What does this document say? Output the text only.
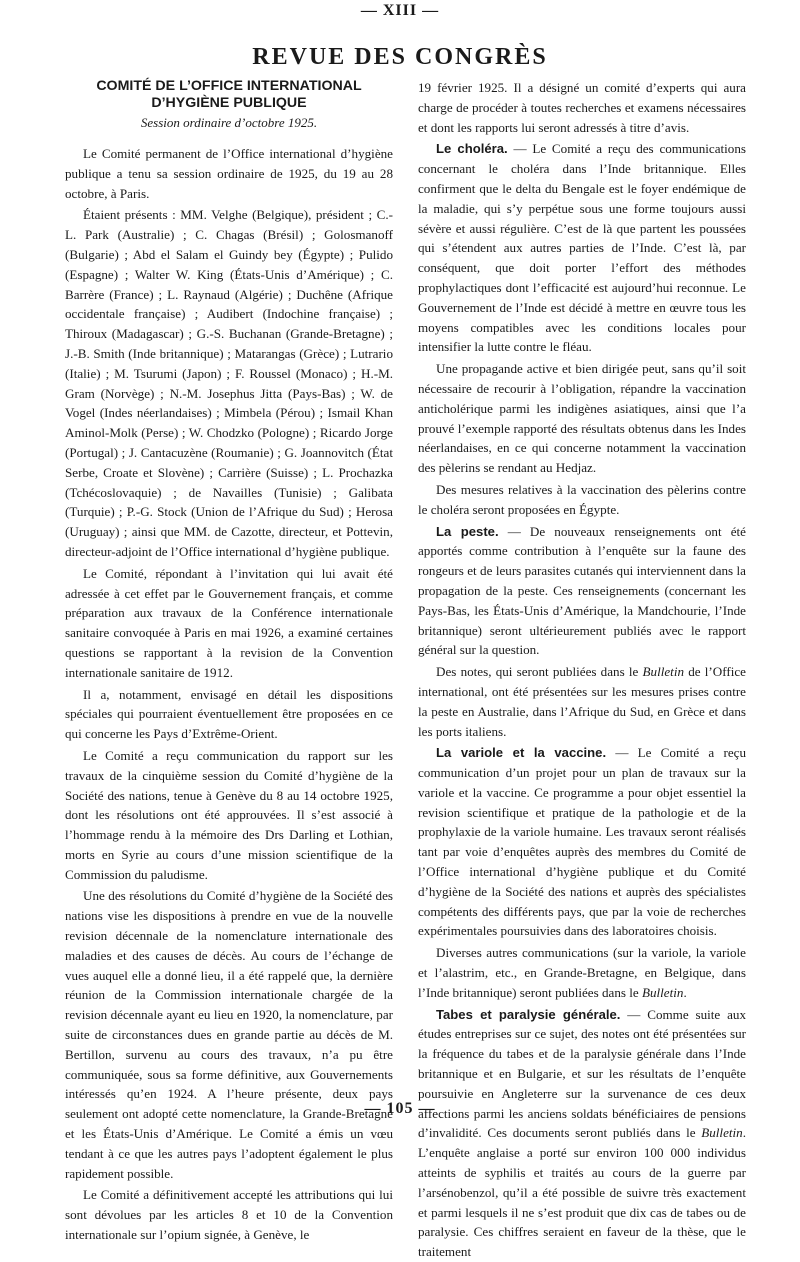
— XIII —
REVUE DES CONGRÈS
COMITÉ DE L’OFFICE INTERNATIONAL
D’HYGIÈNE PUBLIQUE
Session ordinaire d’octobre 1925.

Le Comité permanent de l’Office international d’hygiène publique a tenu sa session ordinaire de 1925, du 19 au 28 octobre, à Paris.

Étaient présents : MM. Velghe (Belgique), président ; C.-L. Park (Australie) ; C. Chagas (Brésil) ; Golosmanoff (Bulgarie) ; Abd el Salam el Guindy bey (Égypte) ; Pulido (Espagne) ; Walter W. King (États-Unis d’Amérique) ; C. Barrère (France) ; L. Raynaud (Algérie) ; Duchêne (Afrique occidentale française) ; Audibert (Indochine française) ; Thiroux (Madagascar) ; G.-S. Buchanan (Grande-Bretagne) ; J.-B. Smith (Inde britannique) ; Matarangas (Grèce) ; Lutrario (Italie) ; M. Tsurumi (Japon) ; F. Roussel (Monaco) ; H.-M. Gram (Norvège) ; N.-M. Josephus Jitta (Pays-Bas) ; W. de Vogel (Indes néerlandaises) ; Mimbela (Pérou) ; Ismail Khan Aminol-Molk (Perse) ; W. Chodzko (Pologne) ; Ricardo Jorge (Portugal) ; J. Cantacuzène (Roumanie) ; G. Joannovitch (État Serbe, Croate et Slovène) ; Carrière (Suisse) ; L. Prochazka (Tchécoslovaquie) ; de Navailles (Tunisie) ; Galibata (Turquie) ; P.-G. Stock (Union de l’Afrique du Sud) ; Herosa (Uruguay) ; ainsi que MM. de Cazotte, directeur, et Pottevin, directeur-adjoint de l’Office international d’hygiène publique.

Le Comité, répondant à l’invitation qui lui avait été adressée à cet effet par le Gouvernement français, et comme préparation aux travaux de la Conférence internationale sanitaire convoquée à Paris en mai 1926, a examiné certaines questions se rapportant à la revision de la Convention internationale sanitaire de 1912.

Il a, notamment, envisagé en détail les dispositions spéciales qui pourraient éventuellement être proposées en ce qui concerne les Pays d’Extrême-Orient.

Le Comité a reçu communication du rapport sur les travaux de la cinquième session du Comité d’hygiène de la Société des nations, tenue à Genève du 8 au 14 octobre 1925, dont les résolutions ont été approuvées. Il s’est associé à l’hommage rendu à la mémoire des Drs Darling et Lothian, morts en Syrie au cours d’une mission scientifique de la Commission du paludisme.

Une des résolutions du Comité d’hygiène de la Société des nations vise les dispositions à prendre en vue de la nouvelle revision décennale de la nomenclature internationale des maladies et des causes de décès. Au cours de l’échange de vues auquel elle a donné lieu, il a été rappelé que, la dernière réunion de la Commission internationale chargée de la revision décennale ayant eu lieu en 1920, la nomenclature, par suite de circonstances dues en grande partie au décès de M. Bertillon, survenu au cours des travaux, n’a pu être communiquée, sous sa forme définitive, aux Gouvernements intéressés qu’en 1924. A l’heure présente, deux pays seulement ont adopté cette nomenclature, la Grande-Bretagne et les États-Unis d’Amérique. Le Comité a émis un vœu tendant à ce que les autres pays l’adoptent également le plus rapidement possible.

Le Comité a définitivement accepté les attributions qui lui sont dévolues par les articles 8 et 10 de la Convention internationale sur l’opium signée, à Genève, le

19 février 1925. Il a désigné un comité d’experts qui aura charge de procéder à toutes recherches et examens nécessaires et dont les rapports lui seront adressés à titre d’avis.

Le choléra. — Le Comité a reçu des communications concernant le choléra dans l’Inde britannique. Elles confirment que le delta du Bengale est le foyer endémique de la maladie, qui s’y perpétue sous une forme toujours aussi sévère et aussi régulière. C’est de là que partent les poussées qui s’étendent aux autres parties de l’Inde. C’est là, par conséquent, que doit porter l’effort des méthodes prophylactiques dont l’efficacité est aujourd’hui reconnue. Le Gouvernement de l’Inde est décidé à mettre en œuvre tous les moyens compatibles avec les conditions locales pour intensifier la lutte contre le fléau.

Une propagande active et bien dirigée peut, sans qu’il soit nécessaire de recourir à l’obligation, répandre la vaccination anticholérique parmi les indigènes asiatiques, ainsi que l’a prouvé l’exemple rapporté des résultats obtenus dans les Indes néerlandaises, en ce qui concerne notamment la vaccination des pèlerins se rendant au Hedjaz.

Des mesures relatives à la vaccination des pèlerins contre le choléra seront proposées en Égypte.

La peste. — De nouveaux renseignements ont été apportés comme contribution à l’enquête sur la faune des rongeurs et de leurs parasites cutanés qui interviennent dans la propagation de la peste. Ces renseignements (concernant les Pays-Bas, les États-Unis d’Amérique, la Mandchourie, l’Inde britannique) seront ultérieurement publiés avec le rapport général sur la question.

Des notes, qui seront publiées dans le Bulletin de l’Office international, ont été présentées sur les mesures prises contre la peste en Australie, dans l’Afrique du Sud, en Grèce et dans les ports italiens.

La variole et la vaccine. — Le Comité a reçu communication d’un projet pour un plan de travaux sur la variole et la vaccine. Ce programme a pour objet essentiel la revision scientifique et pratique de la pathologie et de la prophylaxie de la variole humaine. Les travaux seront réalisés tant par voie d’enquêtes auprès des membres du Comité de l’Office international d’hygiène publique et du Comité d’hygiène de la Société des nations et auprès des spécialistes compétents des différents pays, que par la voie de recherches expérimentales poursuivies dans des laboratoires choisis.

Diverses autres communications (sur la variole, la variole et l’alastrim, etc., en Grande-Bretagne, en Belgique, dans l’Inde britannique) seront publiées dans le Bulletin.

Tabes et paralysie générale. — Comme suite aux études entreprises sur ce sujet, des notes ont été présentées sur la fréquence du tabes et de la paralysie générale dans l’Inde britannique et en Bulgarie, et sur les résultats de l’enquête poursuivie en Angleterre sur la survenance de ces deux affections parmi les anciens soldats bénéficiaires de pensions d’invalidité. Ces documents seront publiés dans le Bulletin. L’enquête anglaise a porté sur environ 100 000 individus atteints de syphilis et traités au cours de la guerre par l’arsénobenzol, qu’il a été possible de suivre très exactement et parmi lesquels il ne s’est produit que dix cas de tabes ou de paralysie. Ces chiffres seraient en faveur de la thèse, que le traitement

— 105 —
